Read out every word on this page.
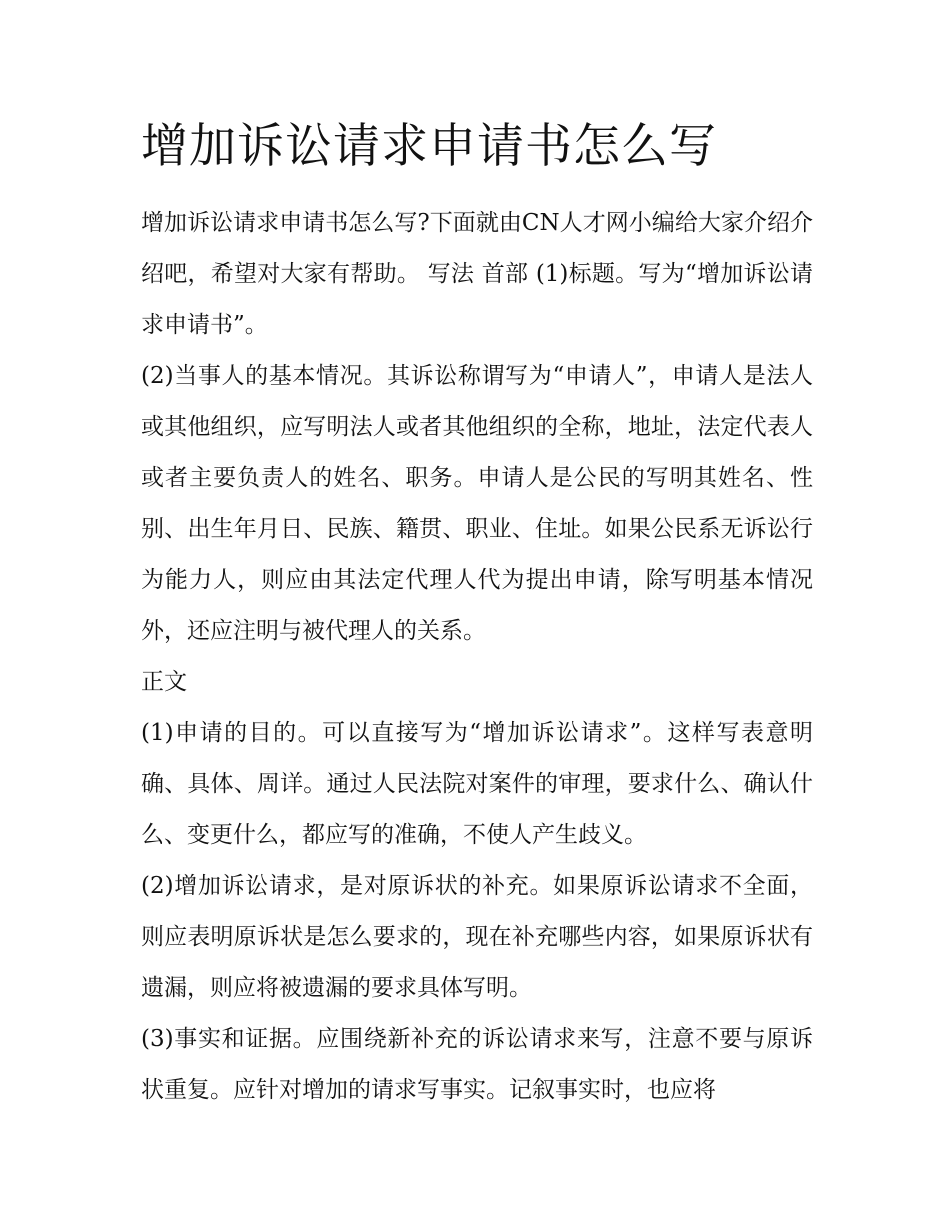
增加诉讼请求申请书怎么写

增加诉讼请求申请书怎么写?下面就由CN人才网小编给大家介绍介绍吧，希望对大家有帮助。 写法 首部 (1)标题。写为“增加诉讼请求申请书”。

(2)当事人的基本情况。其诉讼称谓写为“申请人”，申请人是法人或其他组织，应写明法人或者其他组织的全称，地址，法定代表人或者主要负责人的姓名、职务。申请人是公民的写明其姓名、性别、出生年月日、民族、籍贯、职业、住址。如果公民系无诉讼行为能力人，则应由其法定代理人代为提出申请，除写明基本情况外，还应注明与被代理人的关系。

正文

(1)申请的目的。可以直接写为“增加诉讼请求”。这样写表意明确、具体、周详。通过人民法院对案件的审理，要求什么、确认什么、变更什么，都应写的准确，不使人产生歧义。

(2)增加诉讼请求，是对原诉状的补充。如果原诉讼请求不全面，则应表明原诉状是怎么要求的，现在补充哪些内容，如果原诉状有遗漏，则应将被遗漏的要求具体写明。

(3)事实和证据。应围绕新补充的诉讼请求来写，注意不要与原诉状重复。应针对增加的请求写事实。记叙事实时，也应将
